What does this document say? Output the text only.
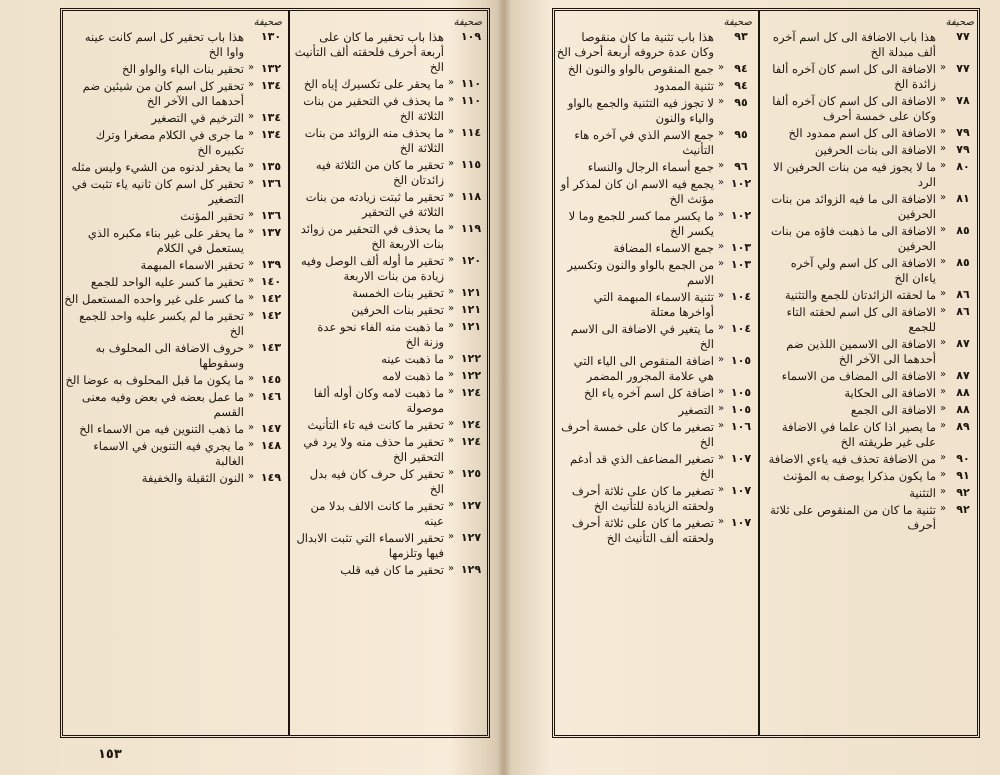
صحيفة
١٣٠
هذا باب تحقير كل اسم كانت عينه واوا الخ
١٣٢
«
تحقير بنات الياء والواو الخ
١٣٤
«
تحقير كل اسم كان من شيئين ضم أحدهما الى الآخر الخ
١٣٤
«
الترخيم في التصغير
١٣٤
«
ما جرى في الكلام مصغرا وترك تكبيره الخ
١٣٥
«
ما يحقر لدنوه من الشيء وليس مثله
١٣٦
«
تحقير كل اسم كان ثانيه ياء تثبت في التصغير
١٣٦
«
تحقير المؤنث
١٣٧
«
ما يحقر على غير بناء مكبره الذي يستعمل في الكلام
١٣٩
«
تحقير الاسماء المبهمة
١٤٠
«
تحقير ما كسر عليه الواحد للجمع
١٤٢
«
ما كسر على غير واحده المستعمل الخ
١٤٢
«
تحقير ما لم يكسر عليه واحد للجمع الخ
١٤٣
«
حروف الاضافة الى المحلوف به وسقوطها
١٤٥
«
ما يكون ما قبل المحلوف به عوضا الخ
١٤٦
«
ما عمل بعضه في بعض وفيه معنى القسم
١٤٧
«
ما ذهب التنوين فيه من الاسماء الخ
١٤٨
«
ما يجري فيه التنوين في الاسماء الغالبة
١٤٩
«
النون الثقيلة والخفيفة
صحيفة
١٠٩
هذا باب تحقير ما كان على أربعة أحرف فلحقته ألف التأنيث الخ
١١٠
«
ما يحقر على تكسيرك إياه الخ
١١٠
«
ما يحذف في التحقير من بنات الثلاثة الخ
١١٤
«
ما يحذف منه الزوائد من بنات الثلاثة الخ
١١٥
«
تحقير ما كان من الثلاثة فيه زائدتان الخ
١١٨
«
تحقير ما ثبتت زيادته من بنات الثلاثة في التحقير
١١٩
«
ما يحذف في التحقير من زوائد بنات الاربعة الخ
١٢٠
«
تحقير ما أوله ألف الوصل وفيه زيادة من بنات الاربعة
١٢١
«
تحقير بنات الخمسة
١٢١
«
تحقير بنات الحرفين
١٢١
«
ما ذهبت منه الفاء نحو عدة وزنة الخ
١٢٢
«
ما ذهبت عينه
١٢٢
«
ما ذهبت لامه
١٢٤
«
ما ذهبت لامه وكان أوله ألفا موصولة
١٢٤
«
تحقير ما كانت فيه تاء التأنيث
١٢٤
«
تحقير ما حذف منه ولا يرد في التحقير الخ
١٢٥
«
تحقير كل حرف كان فيه بدل الخ
١٢٧
«
تحقير ما كانت الالف بدلا من عينه
١٢٧
«
تحقير الاسماء التي تثبت الابدال فيها وتلزمها
١٢٩
«
تحقير ما كان فيه قلب
١٥٣
صحيفة
٩٣
هذا باب تثنية ما كان منقوصا وكان عدة حروفه أربعة أحرف الخ
٩٤
«
جمع المنقوص بالواو والنون الخ
٩٤
«
تثنية الممدود
٩٥
«
لا تجوز فيه التثنية والجمع بالواو والياء والنون
٩٥
«
جمع الاسم الذي في آخره هاء التأنيث
٩٦
«
جمع أسماء الرجال والنساء
١٠٢
«
يجمع فيه الاسم ان كان لمذكر أو مؤنث الخ
١٠٢
«
ما يكسر مما كسر للجمع وما لا يكسر الخ
١٠٣
«
جمع الاسماء المضافة
١٠٣
«
من الجمع بالواو والنون وتكسير الاسم
١٠٤
«
تثنية الاسماء المبهمة التي أواخرها معتلة
١٠٤
«
ما يتغير في الاضافة الى الاسم الخ
١٠٥
«
اضافة المنقوص الى الياء التي هي علامة المجرور المضمر
١٠٥
«
اضافة كل اسم آخره ياء الخ
١٠٥
«
التصغير
١٠٦
«
تصغير ما كان على خمسة أحرف الخ
١٠٧
«
تصغير المضاعف الذي قد أدغم الخ
١٠٧
«
تصغير ما كان على ثلاثة أحرف ولحقته الزيادة للتأنيث الخ
١٠٧
«
تصغير ما كان على ثلاثة أحرف ولحقته ألف التأنيث الخ
صحيفة
٧٧
هذا باب الاضافة الى كل اسم آخره ألف مبدلة الخ
٧٧
«
الاضافة الى كل اسم كان آخره ألفا زائدة الخ
٧٨
«
الاضافة الى كل اسم كان آخره ألفا وكان على خمسة أحرف
٧٩
«
الاضافة الى كل اسم ممدود الخ
٧٩
«
الاضافة الى بنات الحرفين
٨٠
«
ما لا يجوز فيه من بنات الحرفين الا الرد
٨١
«
الاضافة الى ما فيه الزوائد من بنات الحرفين
٨٥
«
الاضافة الى ما ذهبت فاؤه من بنات الحرفين
٨٥
«
الاضافة الى كل اسم ولي آخره ياءان الخ
٨٦
«
ما لحقته الزائدتان للجمع والتثنية
٨٦
«
الاضافة الى كل اسم لحقته التاء للجمع
٨٧
«
الاضافة الى الاسمين اللذين ضم أحدهما الى الآخر الخ
٨٧
«
الاضافة الى المضاف من الاسماء
٨٨
«
الاضافة الى الحكاية
٨٨
«
الاضافة الى الجمع
٨٩
«
ما يصير اذا كان علما في الاضافة على غير طريقته الخ
٩٠
«
من الاضافة تحذف فيه ياءي الاضافة
٩١
«
ما يكون مذكرا يوصف به المؤنث
٩٢
«
التثنية
٩٢
«
تثنية ما كان من المنقوص على ثلاثة أحرف
